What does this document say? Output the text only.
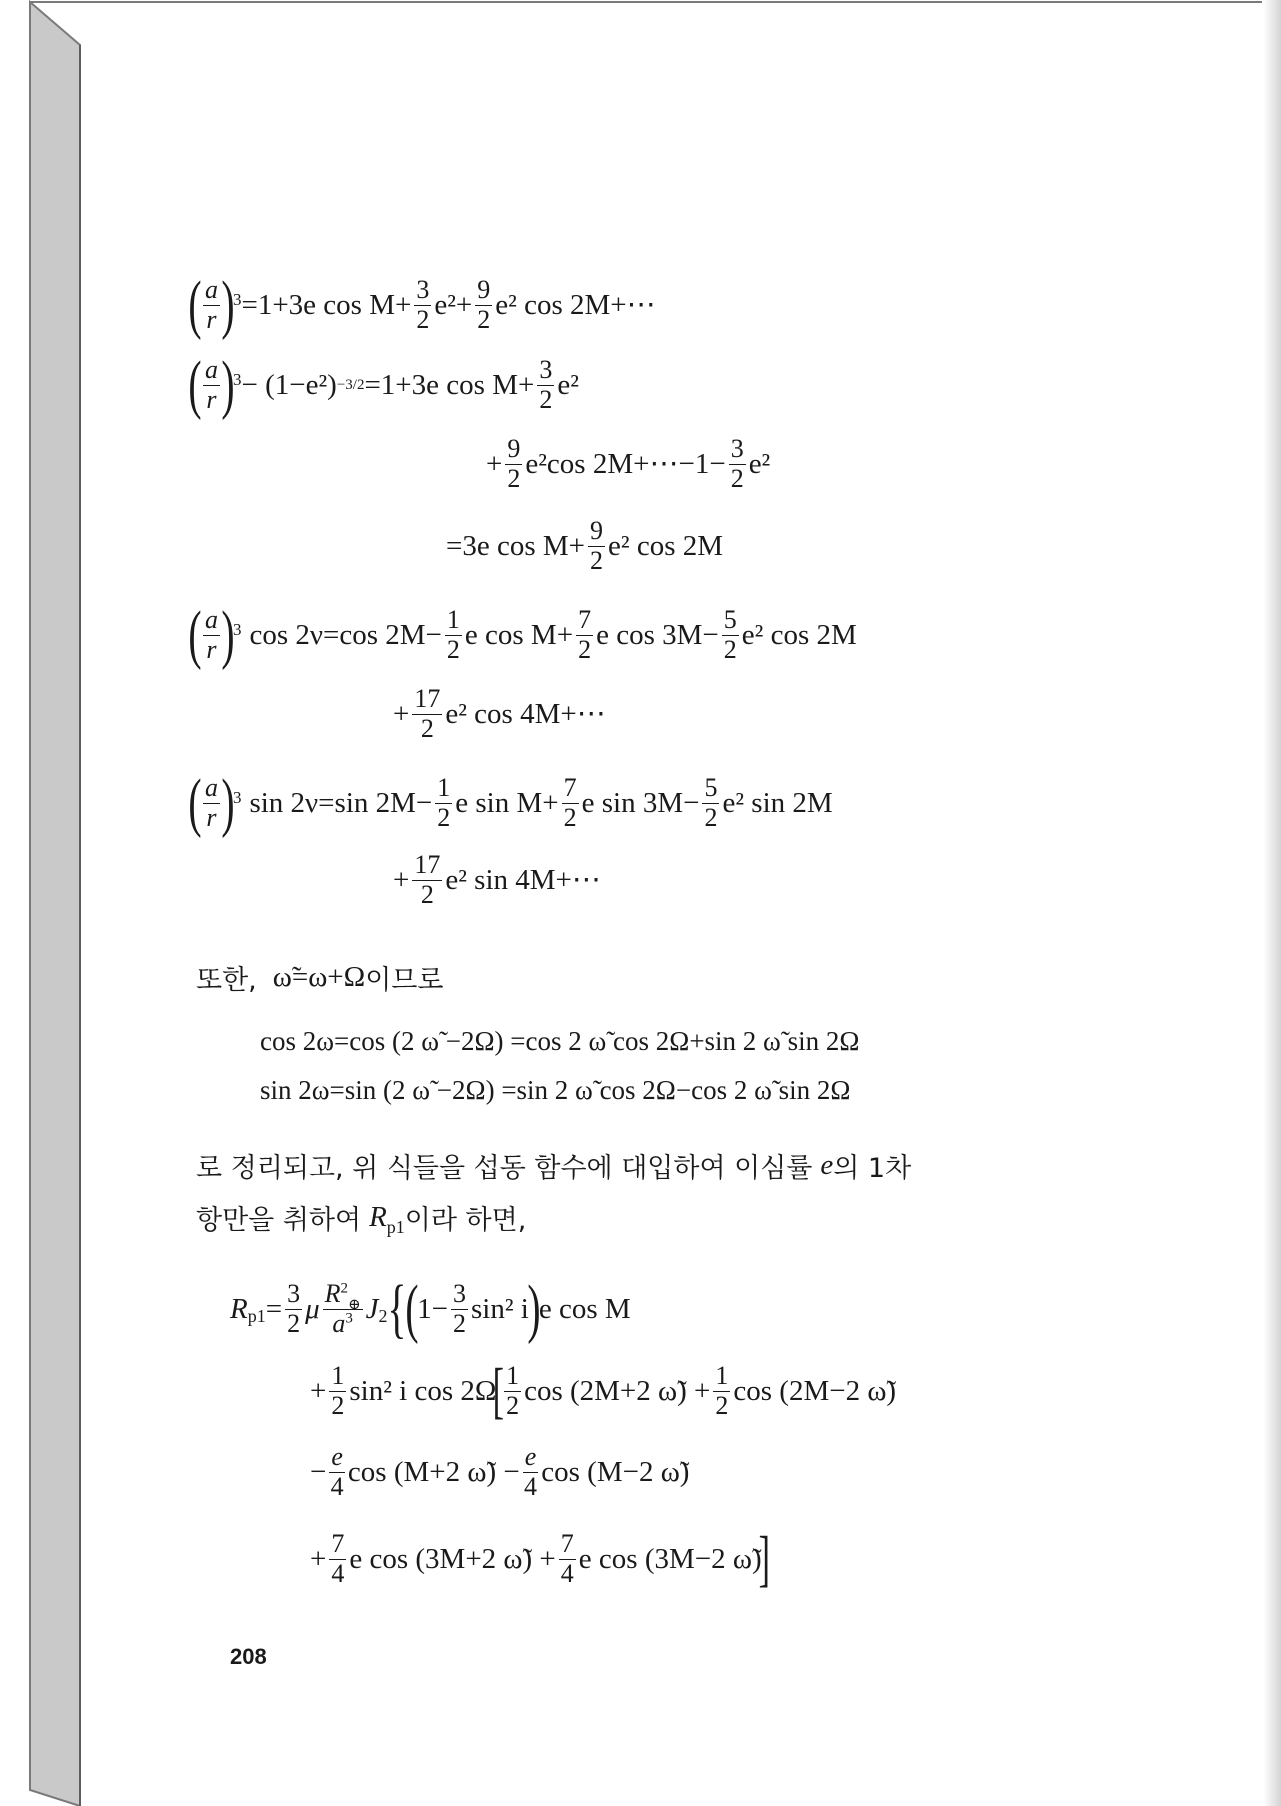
( a
r )
3 =1+3e $\cos M+ \frac{3}{2} e^2+ \frac{9}{2} e^2$ cos 2M+⋯
( a
r )
3 − (1−e²) −3/2 =1+3e $\cos M+ \frac{3}{2} e^2$
+ $\frac{9}{2} e^2\cos$ 2M+⋯−1− $\frac{3}{2} e^2$
=3e $\cos M+ \frac{9}{2} e^2$ cos 2M
( a
r )
3 cos 2ν=cos $2M- \frac{1}{2}$ e $\cos M+ \frac{7}{2}$ e $\cos 3M- \frac{5}{2} e^2$ cos 2M
+ $\frac{17}{2} e^2$ cos 4M+⋯
( a
r )
3 sin 2ν=sin $2M- \frac{1}{2}$ e $\sin M+ \frac{7}{2}$ e $\sin 3M- \frac{5}{2} e^2$ sin 2M
+ $\frac{17}{2} e^2$ sin 4M+⋯
또한, ω̃=ω+Ω 이므로
cos 2ω=cos (2 ω̃ −2Ω) =cos 2 ω̃ cos 2Ω+sin 2 ω̃ sin 2Ω
sin 2ω=sin (2 ω̃ −2Ω) =sin 2 ω̃ cos 2Ω−cos 2 ω̃ sin 2Ω
로 정리되고, 위 식들을 섭동 함수에 대입하여 이심률 e 의 1차
항만을 취하여 $R_{p1}$ 이라 하면,
R $p1 = \frac{3}{2}$ μ $R^2_\oplus$
$a^3$ J 2 {
(
$1- \frac{3}{2} \sin^2$ i
)
e cos M
+ $\frac{1}{2} \sin^2$ i cos 2Ω
[ 1
2 cos (2M+2 ω̃) + $\frac{1}{2}$ cos (2M−2 ω̃)
− $\frac{e}{4}$ cos (M+2 ω̃) − $\frac{e}{4}$ cos (M−2 ω̃)
+ $\frac{7}{4}$ e cos (3M+2 ω̃) + $\frac{7}{4}$ e cos (3M−2 ω̃)
]
208
